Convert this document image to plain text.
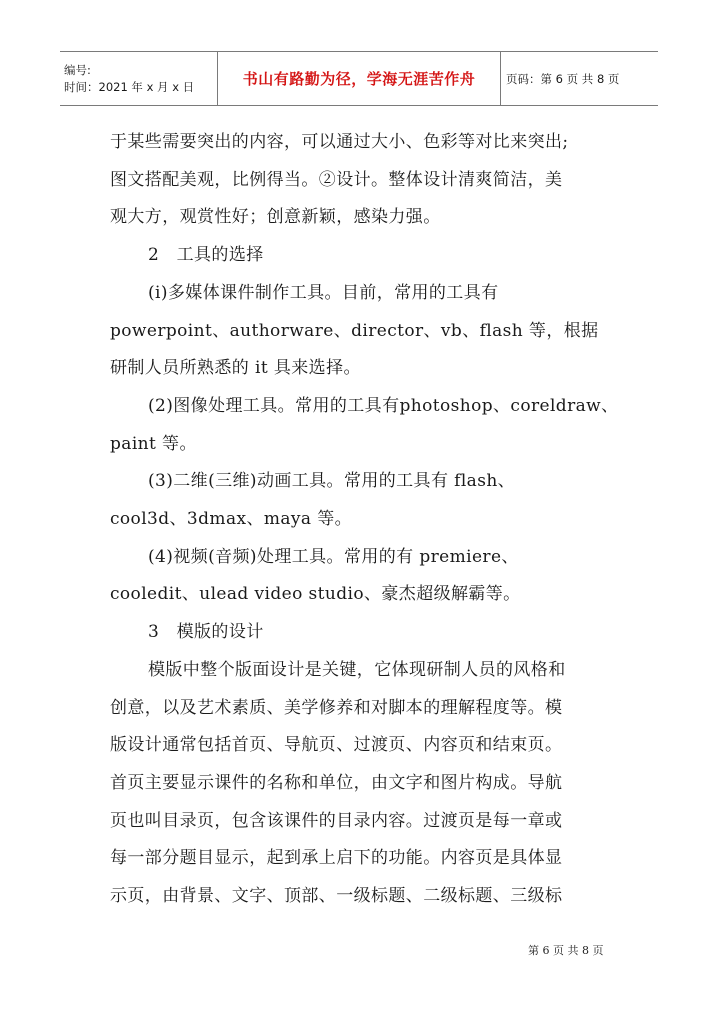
编号:
时间：2021 年 x 月 x 日	书山有路勤为径，学海无涯苦作舟	页码：第 6 页 共 8 页
于某些需要突出的内容，可以通过大小、色彩等对比来突出;
图文搭配美观，比例得当。②设计。整体设计清爽简洁，美
观大方，观赏性好；创意新颖，感染力强。
2　工具的选择
(i)多媒体课件制作工具。目前，常用的工具有
powerpoint、authorware、director、vb、flash 等，根据
研制人员所熟悉的 it 具来选择。
(2)图像处理工具。常用的工具有photoshop、coreldraw、
paint 等。
(3)二维(三维)动画工具。常用的工具有 flash、
cool3d、3dmax、maya 等。
(4)视频(音频)处理工具。常用的有 premiere、
cooledit、ulead video studio、豪杰超级解霸等。
3　模版的设计
模版中整个版面设计是关键，它体现研制人员的风格和
创意，以及艺术素质、美学修养和对脚本的理解程度等。模
版设计通常包括首页、导航页、过渡页、内容页和结束页。
首页主要显示课件的名称和单位，由文字和图片构成。导航
页也叫目录页，包含该课件的目录内容。过渡页是每一章或
每一部分题目显示，起到承上启下的功能。内容页是具体显
示页，由背景、文字、顶部、一级标题、二级标题、三级标
第 6 页 共 8 页
